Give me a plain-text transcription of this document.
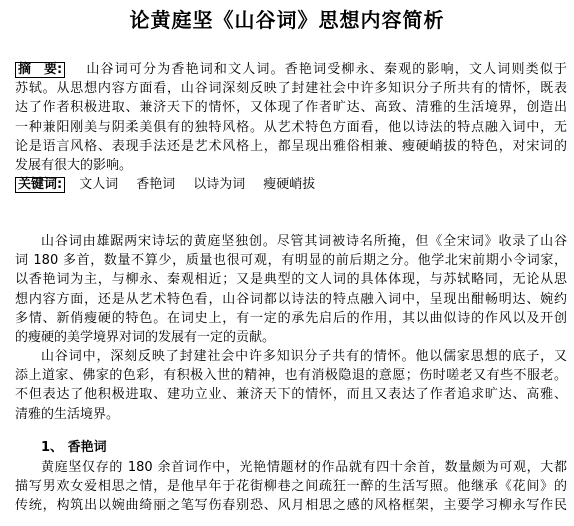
论黄庭坚《山谷词》思想内容简析
摘　要: 山谷词可分为香艳词和文人词。香艳词受柳永、秦观的影响，文人词则类似于
苏轼。从思想内容方面看，山谷词深刻反映了封建社会中许多知识分子所共有的情怀，既表
达了作者积极进取、兼济天下的情怀，又体现了作者旷达、高致、清雅的生活境界，创造出
一种兼阳刚美与阴柔美俱有的独特风格。从艺术特色方面看，他以诗法的特点融入词中，无
论是语言风格、表现手法还是艺术风格上，都呈现出雅俗相兼、瘦硬峭拔的特色，对宋词的
发展有很大的影响。
关键词: 文人词 香艳词 以诗为词 瘦硬峭拔
山谷词由雄踞两宋诗坛的黄庭坚独创。尽管其词被诗名所掩，但《全宋词》收录了山谷
词 180 多首，数量不算少，质量也很可观，有明显的前后期之分。他学北宋前期小令词家，
以香艳词为主，与柳永、秦观相近；又是典型的文人词的具体体现，与苏轼略同，无论从思
想内容方面，还是从艺术特色看，山谷词都以诗法的特点融入词中，呈现出酣畅明达、婉约
多情、新俏瘦硬的特色。在词史上，有一定的承先启后的作用，其以曲似诗的作风以及开创
的瘦硬的美学境界对词的发展有一定的贡献。
山谷词中，深刻反映了封建社会中许多知识分子共有的情怀。他以儒家思想的底子，又
添上道家、佛家的色彩，有积极入世的精神，也有消极隐退的意愿；伤时嗟老又有些不服老。
不但表达了他积极进取、建功立业、兼济天下的情怀，而且又表达了作者追求旷达、高雅、
清雅的生活境界。
1、 香艳词
黄庭坚仅存的 180 余首词作中，光艳情题材的作品就有四十余首，数量颇为可观，大都
描写男欢女爱相思之情，是他早年于花街柳巷之间疏狂一醉的生活写照。他继承《花间》的
传统，构筑出以婉曲绮丽之笔写伤春别恐、风月相思之感的风格框架，主要学习柳永写作民
